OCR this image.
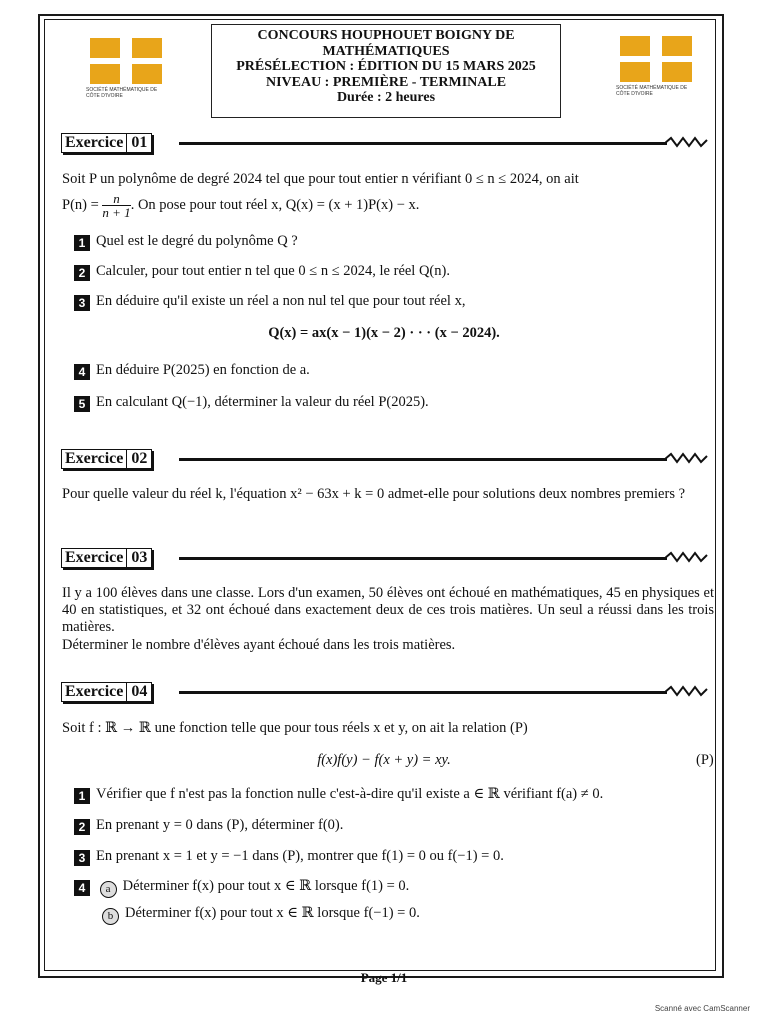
SOCIÉTÉ MATHÉMATIQUE DE CÔTE D'IVOIRE
SOCIÉTÉ MATHÉMATIQUE DE CÔTE D'IVOIRE
CONCOURS HOUPHOUET BOIGNY DE
MATHÉMATIQUES
PRÉSÉLECTION : ÉDITION DU 15 MARS 2025
NIVEAU : PREMIÈRE - TERMINALE
Durée : 2 heures
Exercice 01
Soit P un polynôme de degré 2024 tel que pour tout entier n vérifiant 0 ≤ n ≤ 2024, on ait
$P(n) = \frac{n}{n + 1}$ . On pose pour tout réel x, Q(x) = (x + 1)P(x) − x.
1 Quel est le degré du polynôme Q ?
2 Calculer, pour tout entier n tel que 0 ≤ n ≤ 2024, le réel Q(n).
3 En déduire qu'il existe un réel a non nul tel que pour tout réel x,
Q(x) = ax(x − 1)(x − 2) · · · (x − 2024).
4 En déduire P(2025) en fonction de a.
5 En calculant Q(−1), déterminer la valeur du réel P(2025).
Exercice 02
Pour quelle valeur du réel k, l'équation x² − 63x + k = 0 admet-elle pour solutions deux nombres premiers ?
Exercice 03
Il y a 100 élèves dans une classe. Lors d'un examen, 50 élèves ont échoué en mathématiques, 45 en physiques et 40 en statistiques, et 32 ont échoué dans exactement deux de ces trois matières. Un seul a réussi dans les trois matières.
Déterminer le nombre d'élèves ayant échoué dans les trois matières.
Exercice 04
Soit f : ℝ → ℝ une fonction telle que pour tous réels x et y, on ait la relation (P)
f(x)f(y) − f(x + y) = xy.	(P)
1 Vérifier que f n'est pas la fonction nulle c'est-à-dire qu'il existe a ∈ ℝ vérifiant f(a) ≠ 0.
2 En prenant y = 0 dans (P), déterminer f(0).
3 En prenant x = 1 et y = −1 dans (P), montrer que f(1) = 0 ou f(−1) = 0.
4 a Déterminer f(x) pour tout x ∈ ℝ lorsque f(1) = 0.
b Déterminer f(x) pour tout x ∈ ℝ lorsque f(−1) = 0.
Page 1/1
Scanné avec CamScanner
